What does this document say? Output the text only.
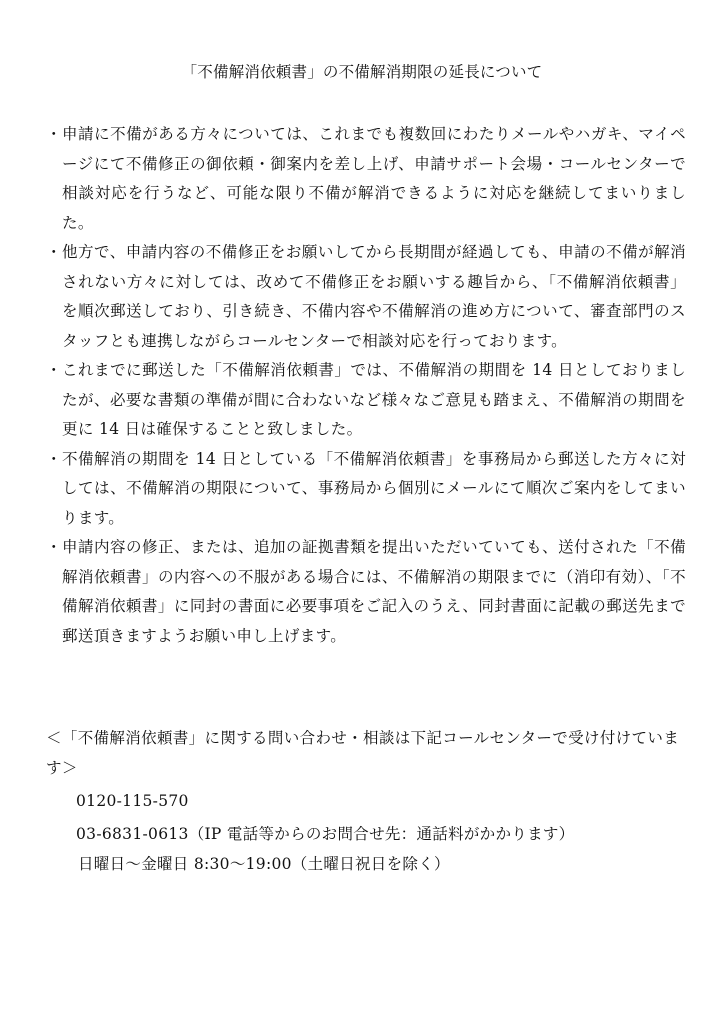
「不備解消依頼書」の不備解消期限の延長について
・ 申請に不備がある方々については、これまでも複数回にわたりメールやハガキ、マイページにて不備修正の御依頼・御案内を差し上げ、申請サポート会場・コールセンターで相談対応を行うなど、可能な限り不備が解消できるように対応を継続してまいりました。
・ 他方で、申請内容の不備修正をお願いしてから長期間が経過しても、申請の不備が解消されない方々に対しては、改めて不備修正をお願いする趣旨から、「不備解消依頼書」を順次郵送しており、引き続き、不備内容や不備解消の進め方について、審査部門のスタッフとも連携しながらコールセンターで相談対応を行っております。
・ これまでに郵送した「不備解消依頼書」では、不備解消の期間を 14 日としておりましたが、必要な書類の準備が間に合わないなど様々なご意見も踏まえ、不備解消の期間を更に 14 日は確保することと致しました。
・ 不備解消の期間を 14 日としている「不備解消依頼書」を事務局から郵送した方々に対しては、不備解消の期限について、事務局から個別にメールにて順次ご案内をしてまいります。
・ 申請内容の修正、または、追加の証拠書類を提出いただいていても、送付された「不備解消依頼書」の内容への不服がある場合には、不備解消の期限までに（消印有効）、「不備解消依頼書」に同封の書面に必要事項をご記入のうえ、同封書面に記載の郵送先まで郵送頂きますようお願い申し上げます。
＜「不備解消依頼書」に関する問い合わせ・相談は下記コールセンターで受け付けています＞
0120-115-570
03-6831-0613（IP 電話等からのお問合せ先：通話料がかかります）
日曜日～金曜日 8:30～19:00（土曜日祝日を除く）
